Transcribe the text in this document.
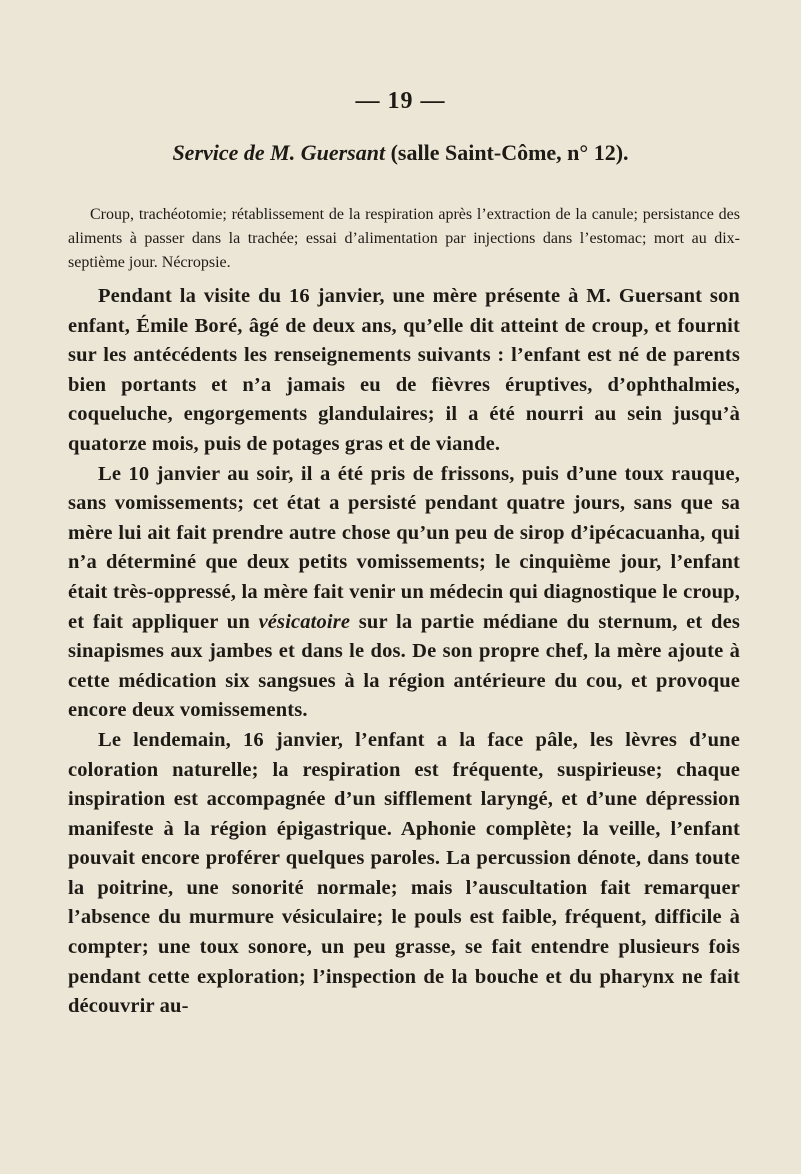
— 19 —
Service de M. Guersant (salle Saint-Côme, n° 12).
Croup, trachéotomie; rétablissement de la respiration après l’extraction de la canule; persistance des aliments à passer dans la trachée; essai d’alimentation par injections dans l’estomac; mort au dix-septième jour. Nécropsie.

Pendant la visite du 16 janvier, une mère présente à M. Guersant son enfant, Émile Boré, âgé de deux ans, qu’elle dit atteint de croup, et fournit sur les antécédents les renseignements suivants : l’enfant est né de parents bien portants et n’a jamais eu de fièvres éruptives, d’ophthalmies, coqueluche, engorgements glandulaires; il a été nourri au sein jusqu’à quatorze mois, puis de potages gras et de viande.

Le 10 janvier au soir, il a été pris de frissons, puis d’une toux rauque, sans vomissements; cet état a persisté pendant quatre jours, sans que sa mère lui ait fait prendre autre chose qu’un peu de sirop d’ipécacuanha, qui n’a déterminé que deux petits vomissements; le cinquième jour, l’enfant était très-oppressé, la mère fait venir un médecin qui diagnostique le croup, et fait appliquer un vésicatoire sur la partie médiane du sternum, et des sinapismes aux jambes et dans le dos. De son propre chef, la mère ajoute à cette médication six sangsues à la région antérieure du cou, et provoque encore deux vomissements.

Le lendemain, 16 janvier, l’enfant a la face pâle, les lèvres d’une coloration naturelle; la respiration est fréquente, suspirieuse; chaque inspiration est accompagnée d’un sifflement laryngé, et d’une dépression manifeste à la région épigastrique. Aphonie complète; la veille, l’enfant pouvait encore proférer quelques paroles. La percussion dénote, dans toute la poitrine, une sonorité normale; mais l’auscultation fait remarquer l’absence du murmure vésiculaire; le pouls est faible, fréquent, difficile à compter; une toux sonore, un peu grasse, se fait entendre plusieurs fois pendant cette exploration; l’inspection de la bouche et du pharynx ne fait découvrir au-
